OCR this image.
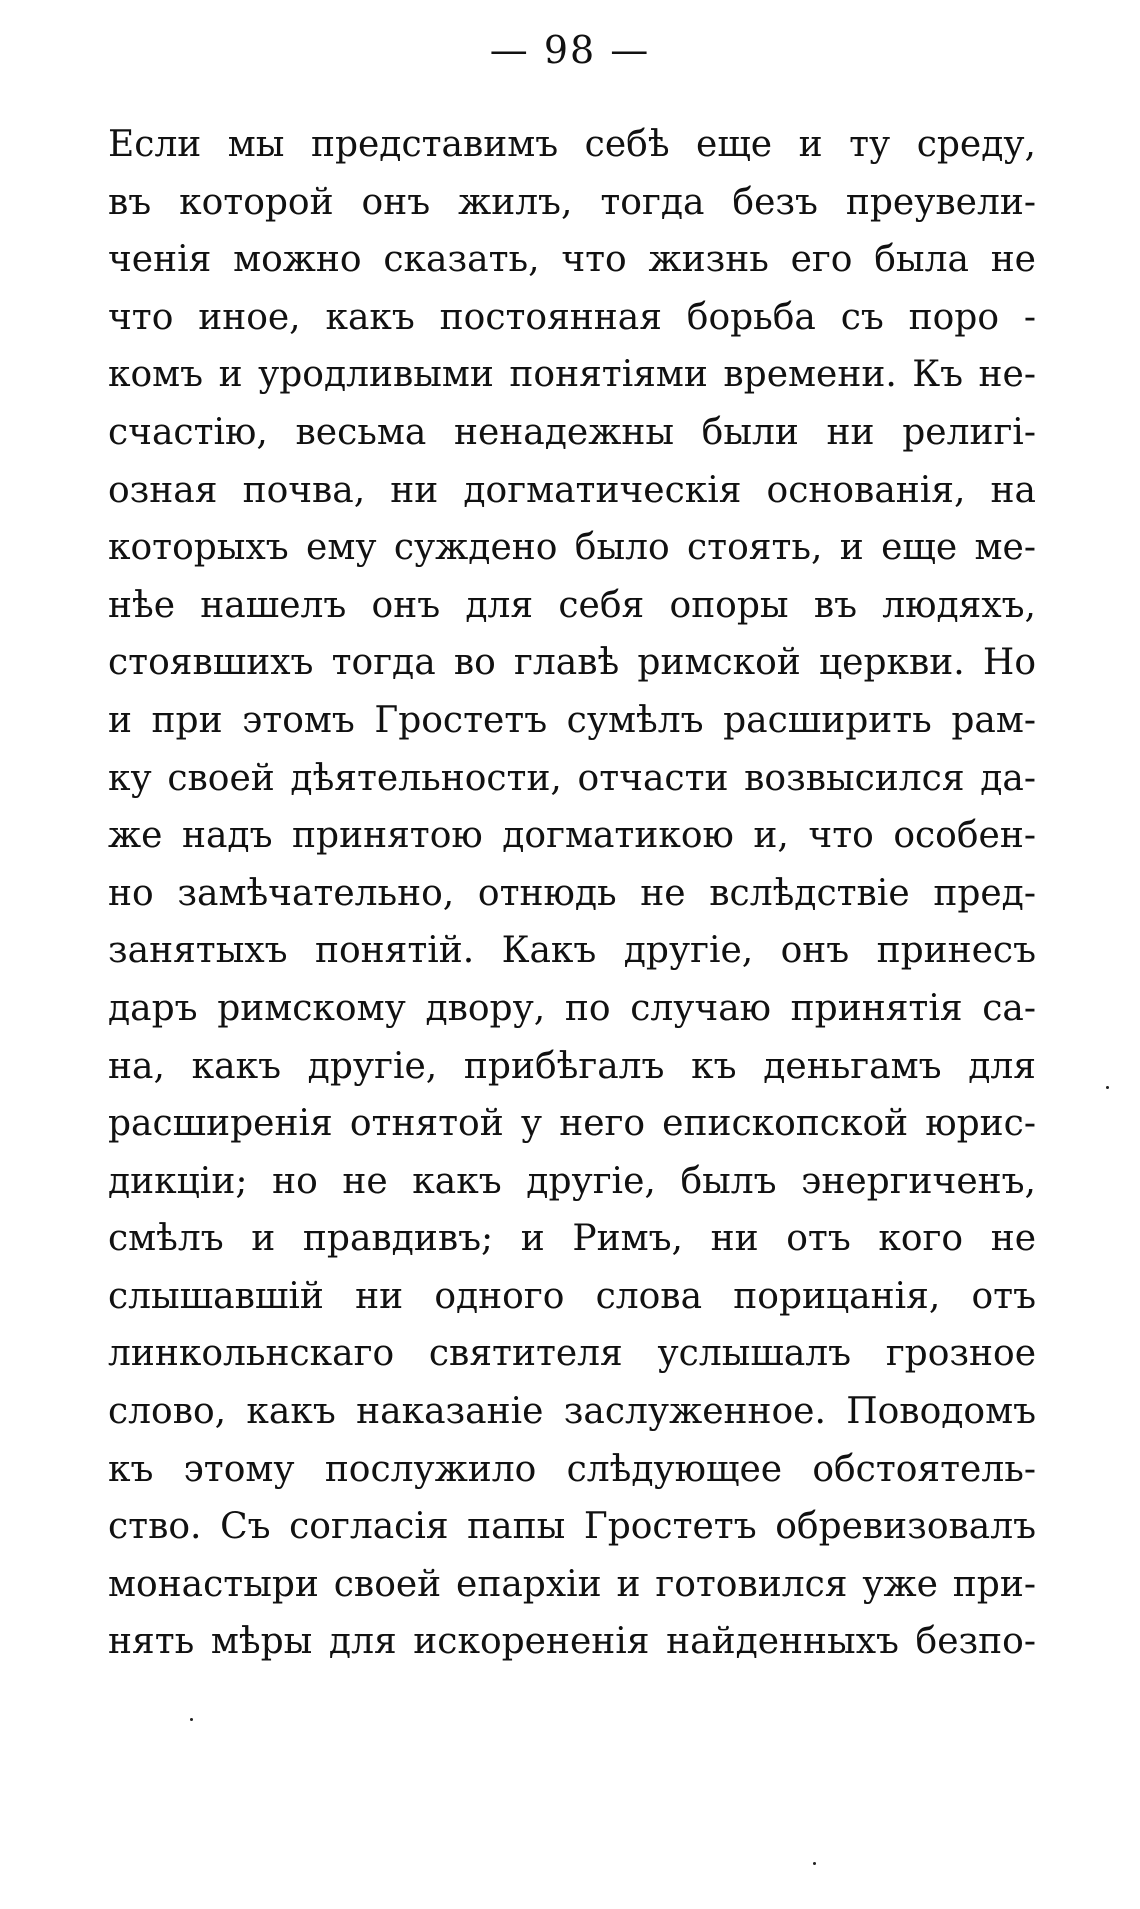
— 98 —
Если мы представимъ себѣ еще и ту среду,
въ которой онъ жилъ, тогда безъ преувели-
ченія можно сказать, что жизнь его была не
что иное, какъ постоянная борьба съ поро -
комъ и уродливыми понятіями времени. Къ не-
счастію, весьма ненадежны были ни религі-
озная почва, ни догматическія основанія, на
которыхъ ему суждено было стоять, и еще ме-
нѣе нашелъ онъ для себя опоры въ людяхъ,
стоявшихъ тогда во главѣ римской церкви. Но
и при этомъ Гростетъ сумѣлъ расширить рам-
ку своей дѣятельности, отчасти возвысился да-
же надъ принятою догматикою и, что особен-
но замѣчательно, отнюдь не вслѣдствіе пред-
занятыхъ понятій. Какъ другіе, онъ принесъ
даръ римскому двору, по случаю принятія са-
на, какъ другіе, прибѣгалъ къ деньгамъ для
расширенія отнятой у него епископской юрис-
дикціи; но не какъ другіе, былъ энергиченъ,
смѣлъ и правдивъ; и Римъ, ни отъ кого не
слышавшій ни одного слова порицанія, отъ
линкольнскаго святителя услышалъ грозное
слово, какъ наказаніе заслуженное. Поводомъ
къ этому послужило слѣдующее обстоятель-
ство. Съ согласія папы Гростетъ обревизовалъ
монастыри своей епархіи и готовился уже при-
нять мѣры для искорененія найденныхъ безпо-
